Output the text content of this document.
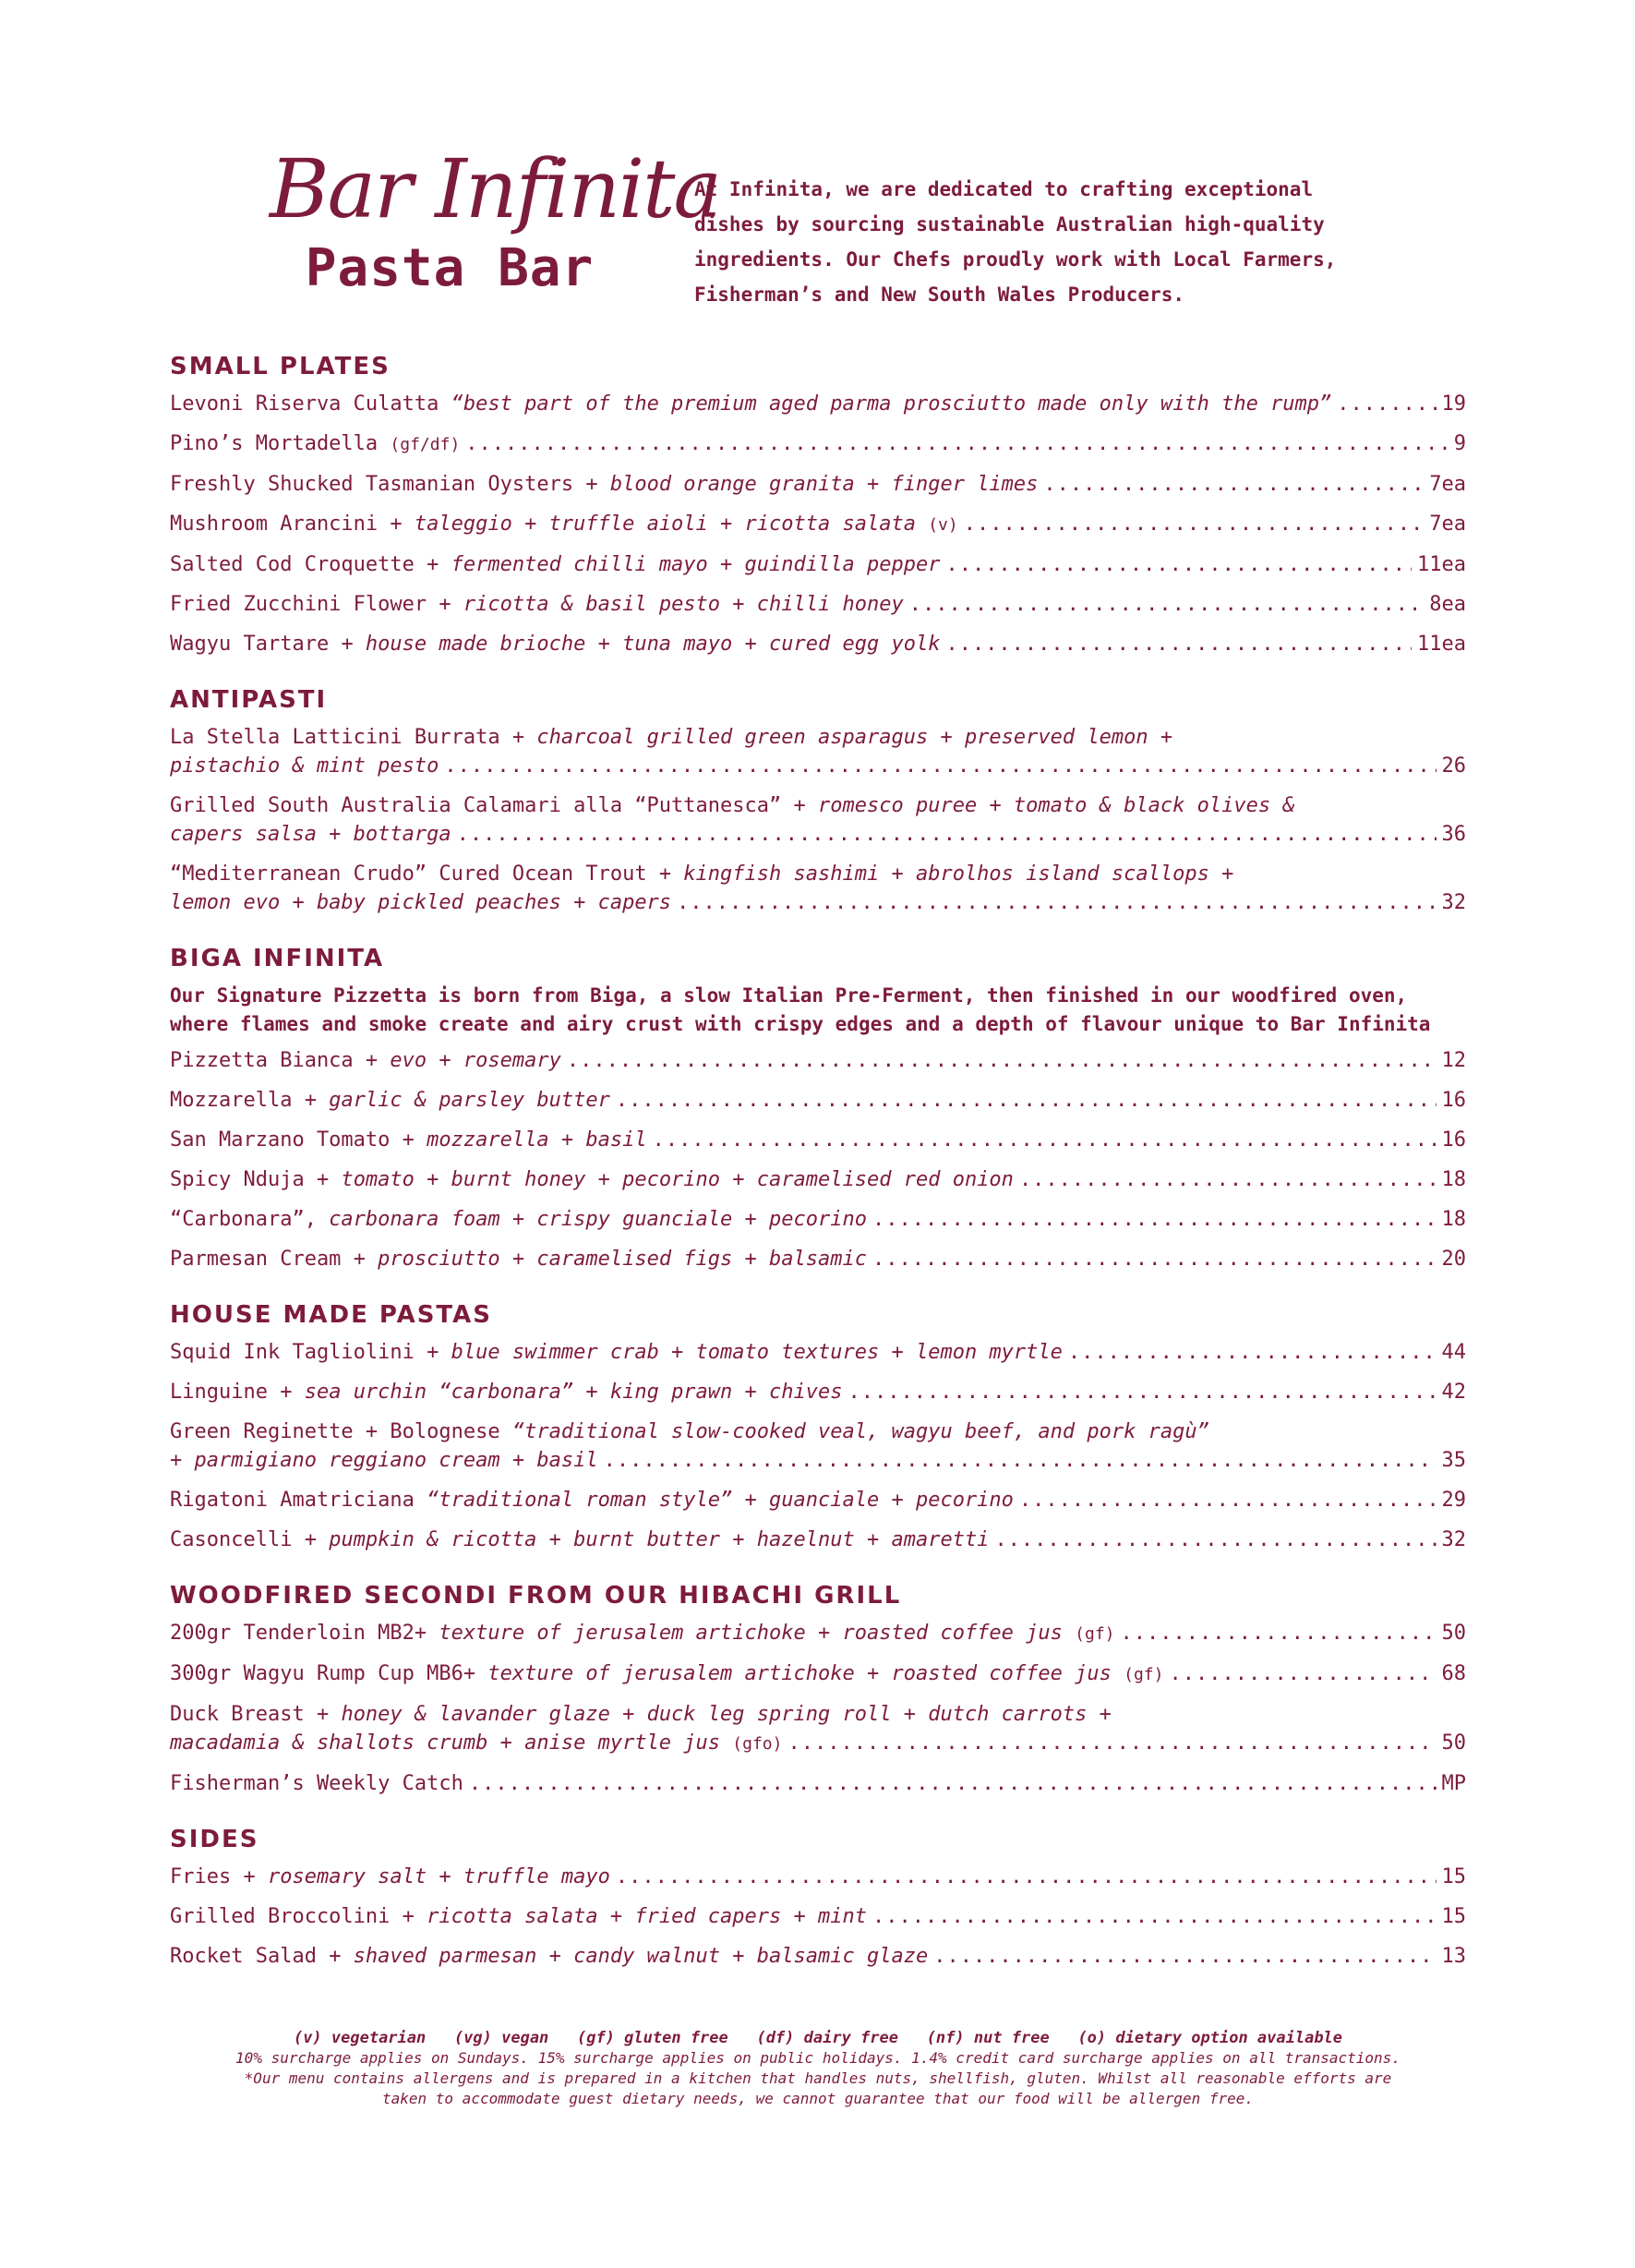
Bar Infinita
Pasta Bar
At Infinita, we are dedicated to crafting exceptional
dishes by sourcing sustainable Australian high-quality
ingredients. Our Chefs proudly work with Local Farmers,
Fisherman’s and New South Wales Producers.
SMALL PLATES
Levoni Riserva Culatta “best part of the premium aged parma prosciutto made only with the rump” .....	19
Pino’s Mortadella (gf/df) .....	9
Freshly Shucked Tasmanian Oysters + blood orange granita + finger limes .....	7ea
Mushroom Arancini + taleggio + truffle aioli + ricotta salata (v) .....	7ea
Salted Cod Croquette + fermented chilli mayo + guindilla pepper .....	11ea
Fried Zucchini Flower + ricotta & basil pesto + chilli honey .....	8ea
Wagyu Tartare + house made brioche + tuna mayo + cured egg yolk .....	11ea
ANTIPASTI
La Stella Latticini Burrata + charcoal grilled green asparagus + preserved lemon +
pistachio & mint pesto .....	26
Grilled South Australia Calamari alla “Puttanesca” + romesco puree + tomato & black olives &
capers salsa + bottarga .....	36
“Mediterranean Crudo” Cured Ocean Trout + kingfish sashimi + abrolhos island scallops +
lemon evo + baby pickled peaches + capers .....	32
BIGA INFINITA
Our Signature Pizzetta is born from Biga, a slow Italian Pre-Ferment, then finished in our woodfired oven, where flames and smoke create and airy crust with crispy edges and a depth of flavour unique to Bar Infinita
Pizzetta Bianca + evo + rosemary .....	12
Mozzarella + garlic & parsley butter .....	16
San Marzano Tomato + mozzarella + basil .....	16
Spicy Nduja + tomato + burnt honey + pecorino + caramelised red onion .....	18
“Carbonara”, carbonara foam + crispy guanciale + pecorino .....	18
Parmesan Cream + prosciutto + caramelised figs + balsamic .....	20
HOUSE MADE PASTAS
Squid Ink Tagliolini + blue swimmer crab + tomato textures + lemon myrtle .....	44
Linguine + sea urchin “carbonara” + king prawn + chives .....	42
Green Reginette + Bolognese “traditional slow-cooked veal, wagyu beef, and pork ragù”
+ parmigiano reggiano cream + basil .....	35
Rigatoni Amatriciana “traditional roman style” + guanciale + pecorino .....	29
Casoncelli + pumpkin & ricotta + burnt butter + hazelnut + amaretti .....	32
WOODFIRED SECONDI FROM OUR HIBACHI GRILL
200gr Tenderloin MB2+ texture of jerusalem artichoke + roasted coffee jus (gf) .....	50
300gr Wagyu Rump Cup MB6+ texture of jerusalem artichoke + roasted coffee jus (gf) .....	68
Duck Breast + honey & lavander glaze + duck leg spring roll + dutch carrots +
macadamia & shallots crumb + anise myrtle jus (gfo) .....	50
Fisherman’s Weekly Catch .....	MP
SIDES
Fries + rosemary salt + truffle mayo .....	15
Grilled Broccolini + ricotta salata + fried capers + mint .....	15
Rocket Salad + shaved parmesan + candy walnut + balsamic glaze .....	13
(v) vegetarian   (vg) vegan   (gf) gluten free   (df) dairy free   (nf) nut free   (o) dietary option available
10% surcharge applies on Sundays. 15% surcharge applies on public holidays. 1.4% credit card surcharge applies on all transactions.
*Our menu contains allergens and is prepared in a kitchen that handles nuts, shellfish, gluten. Whilst all reasonable efforts are
taken to accommodate guest dietary needs, we cannot guarantee that our food will be allergen free.
